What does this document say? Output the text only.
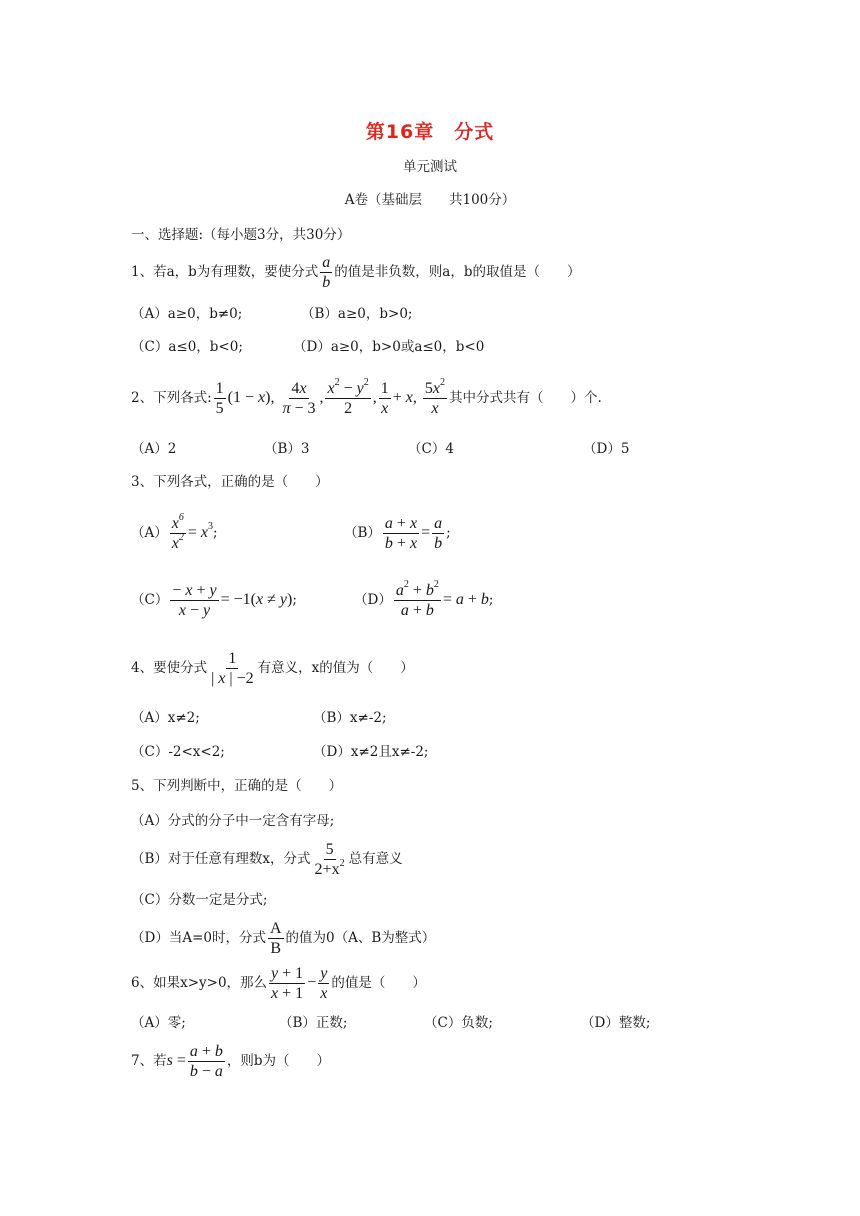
第16章　分式
单元测试
A卷（基础层　　共100分）
一、选择题:（每小题3分，共30分）
1、若a，b为有理数，要使分式 $\frac{a}{b}$ 的值是非负数，则a，b的取值是（　　）
（A）a≥0，b≠0;	（B）a≥0，b>0;
（C）a≤0，b<0;	（D）a≥0，b>0或a≤0，b<0
2、下列各式: $\frac{1}{5} (1 - x)$, $\frac{4x}{\pi - 3}$ , $\frac{x^2 - y^2}{2}$ , $\frac{1}{x} + x$, $\frac{5x^2}{x}$ 其中分式共有（　　）个.
（A）2	（B）3	（C）4	（D）5
3、下列各式，正确的是（　　）
$(A) \frac{x^6}{x^2} = x^3$ ;	$(B) \frac{a + x}{b + x} = \frac{a}{b}$ ;
$(C) \frac{- x + y}{x - y} = -1(x \ne y)$ ;	$(D) \frac{a^2 + b^2}{a + b} = a + b$ ;
4、要使分式 $\frac{1}{| x | -2}$ 有意义，x的值为（　　）
（A）x≠2;	（B）x≠-2;
（C）-2<x<2;	（D）x≠2且x≠-2;
5、下列判断中，正确的是（　　）
（A）分式的分子中一定含有字母;
（B）对于任意有理数x，分式 $\frac{5}{2+x^2}$ 总有意义
（C）分数一定是分式;
（D）当A=0时，分式 $\frac{A}{B}$ 的值为0（A、B为整式）
6、如果x>y>0，那么 $\frac{y + 1}{x + 1} - \frac{y}{x}$ 的值是（　　）
（A）零;	（B）正数;	（C）负数;	（D）整数;
7、若 $s = \frac{a + b}{b - a}$ ，则b为（　　）
